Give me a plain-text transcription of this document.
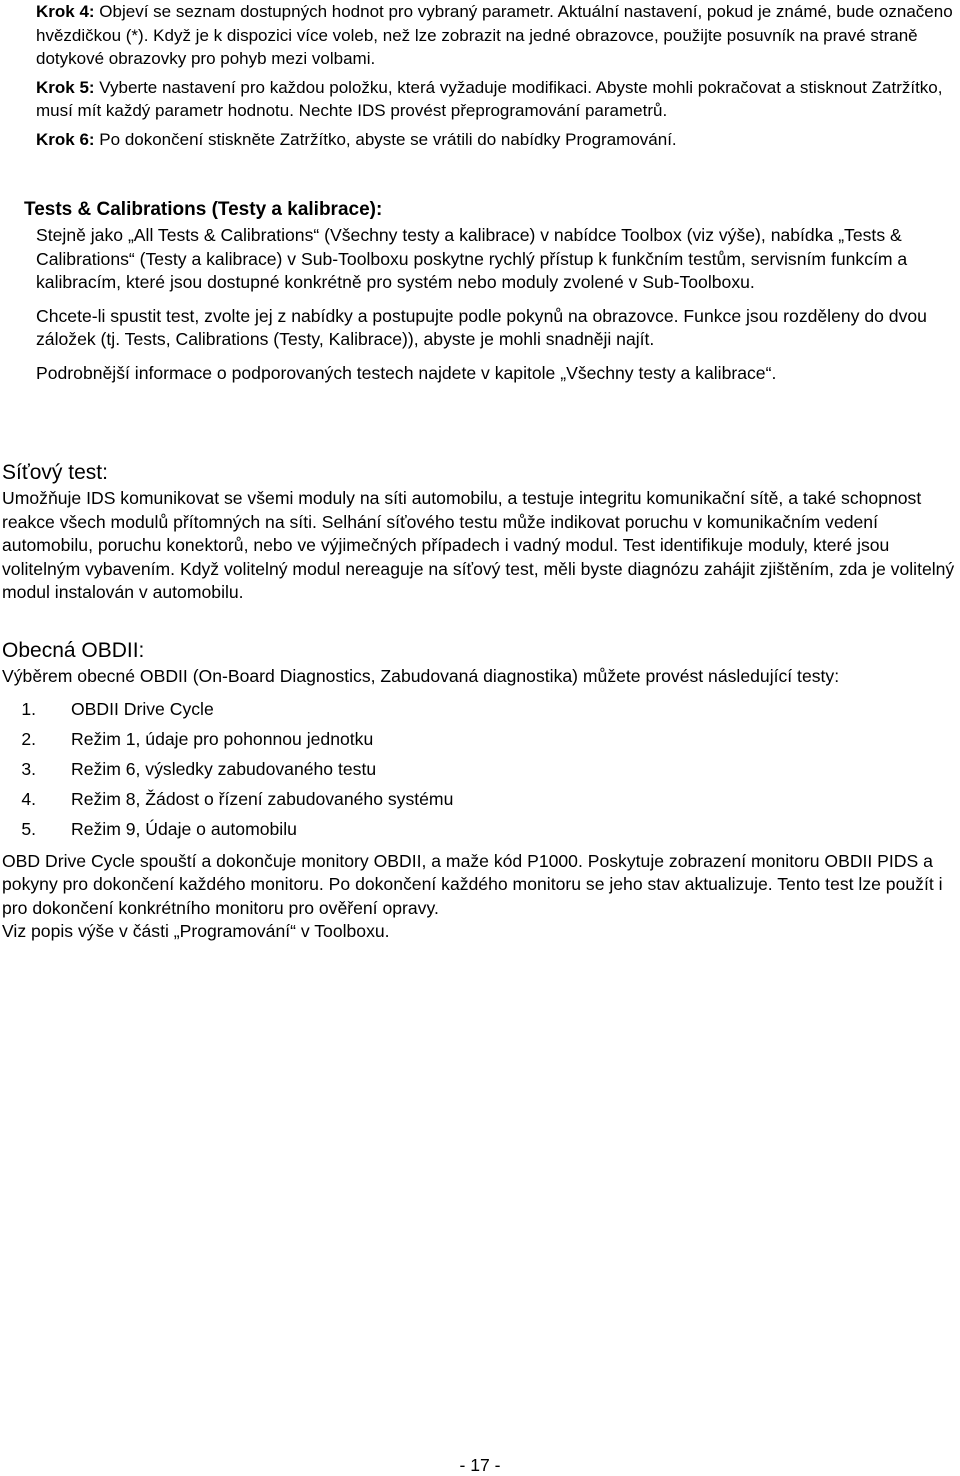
Krok 4: Objeví se seznam dostupných hodnot pro vybraný parametr. Aktuální nastavení, pokud je známé, bude označeno hvězdičkou (*). Když je k dispozici více voleb, než lze zobrazit na jedné obrazovce, použijte posuvník na pravé straně dotykové obrazovky pro pohyb mezi volbami.

Krok 5: Vyberte nastavení pro každou položku, která vyžaduje modifikaci. Abyste mohli pokračovat a stisknout Zatržítko, musí mít každý parametr hodnotu. Nechte IDS provést přeprogramování parametrů.

Krok 6: Po dokončení stiskněte Zatržítko, abyste se vrátili do nabídky Programování.

Tests & Calibrations (Testy a kalibrace):

Stejně jako „All Tests & Calibrations“ (Všechny testy a kalibrace) v nabídce Toolbox (viz výše), nabídka „Tests & Calibrations“ (Testy a kalibrace) v Sub-Toolboxu poskytne rychlý přístup k funkčním testům, servisním funkcím a kalibracím, které jsou dostupné konkrétně pro systém nebo moduly zvolené v Sub-Toolboxu.

Chcete-li spustit test, zvolte jej z nabídky a postupujte podle pokynů na obrazovce. Funkce jsou rozděleny do dvou záložek (tj. Tests, Calibrations (Testy, Kalibrace)), abyste je mohli snadněji najít.

Podrobnější informace o podporovaných testech najdete v kapitole „Všechny testy a kalibrace“.

Síťový test:

Umožňuje IDS komunikovat se všemi moduly na síti automobilu, a testuje integritu komunikační sítě, a také schopnost reakce všech modulů přítomných na síti. Selhání síťového testu může indikovat poruchu v komunikačním vedení automobilu, poruchu konektorů, nebo ve výjimečných případech i vadný modul. Test identifikuje moduly, které jsou volitelným vybavením. Když volitelný modul nereaguje na síťový test, měli byste diagnózu zahájit zjištěním, zda je volitelný modul instalován v automobilu.

Obecná OBDII:

Výběrem obecné OBDII (On-Board Diagnostics, Zabudovaná diagnostika) můžete provést následující testy:

1.	OBDII Drive Cycle
2.	Režim 1, údaje pro pohonnou jednotku
3.	Režim 6, výsledky zabudovaného testu
4.	Režim 8, Žádost o řízení zabudovaného systému
5.	Režim 9, Údaje o automobilu

OBD Drive Cycle spouští a dokončuje monitory OBDII, a maže kód P1000. Poskytuje zobrazení monitoru OBDII PIDS a pokyny pro dokončení každého monitoru. Po dokončení každého monitoru se jeho stav aktualizuje. Tento test lze použít i pro dokončení konkrétního monitoru pro ověření opravy.

Viz popis výše v části „Programování“ v Toolboxu.

- 17 -
